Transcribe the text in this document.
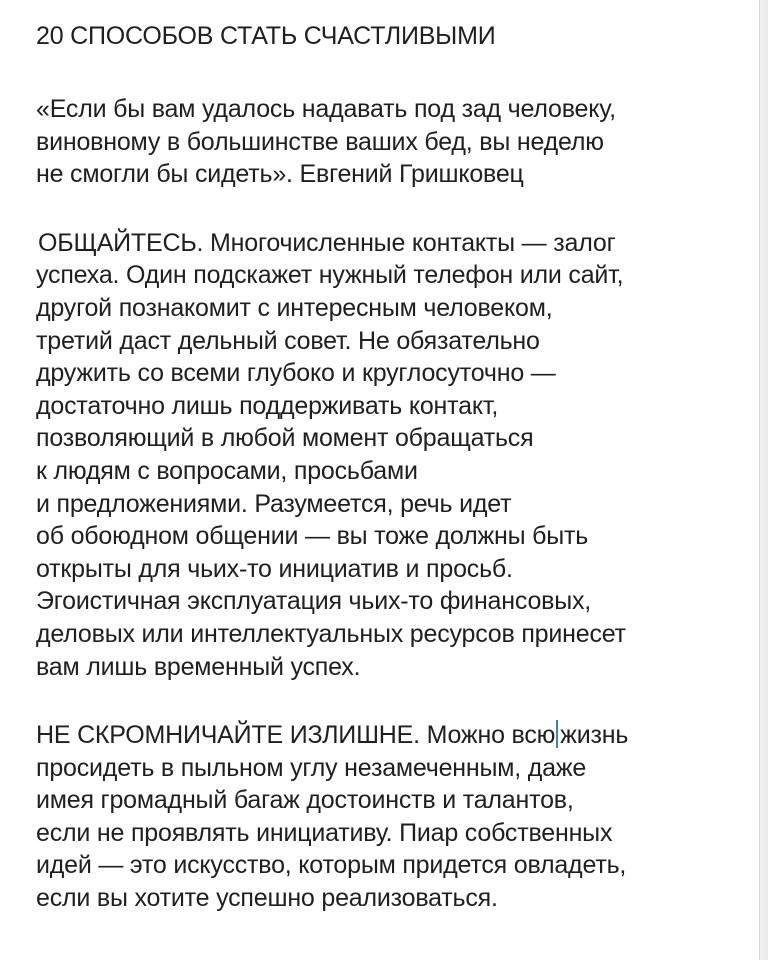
20 СПОСОБОВ СТАТЬ СЧАСТЛИВЫМИ
«Если бы вам удалось надавать под зад человеку,
виновному в большинстве ваших бед, вы неделю
не смогли бы сидеть». Евгений Гришковец
ОБЩАЙТЕСЬ. Многочисленные контакты — залог
успеха. Один подскажет нужный телефон или сайт,
другой познакомит с интересным человеком,
третий даст дельный совет. Не обязательно
дружить со всеми глубоко и круглосуточно —
достаточно лишь поддерживать контакт,
позволяющий в любой момент обращаться
к людям с вопросами, просьбами
и предложениями. Разумеется, речь идет
об обоюдном общении — вы тоже должны быть
открыты для чьих-то инициатив и просьб.
Эгоистичная эксплуатация чьих-то финансовых,
деловых или интеллектуальных ресурсов принесет
вам лишь временный успех.
НЕ СКРОМНИЧАЙТЕ ИЗЛИШНЕ. Можно всю жизнь
просидеть в пыльном углу незамеченным, даже
имея громадный багаж достоинств и талантов,
если не проявлять инициативу. Пиар собственных
идей — это искусство, которым придется овладеть,
если вы хотите успешно реализоваться.
